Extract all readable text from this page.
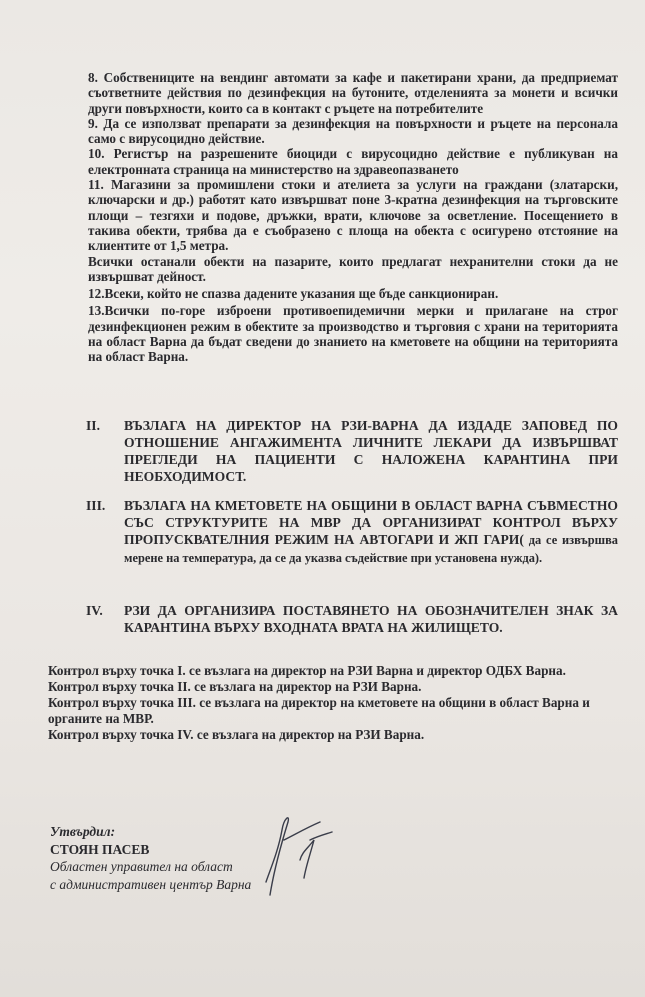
8. Собствениците на вендинг автомати за кафе и пакетирани храни, да предприемат съответните действия по дезинфекция на бутоните, отделенията за монети и всички други повърхности, които са в контакт с ръцете на потребителите

9. Да се използват препарати за дезинфекция на повърхности и ръцете на персонала само с вирусоцидно действие.

10. Регистър на разрешените биоциди с вирусоцидно действие е публикуван на електронната страница на министерство на здравеопазването

11. Магазини за промишлени стоки и ателиета за услуги на граждани (златарски, ключарски и др.) работят като извършват поне 3-кратна дезинфекция на търговските площи – тезгяхи и подове, дръжки, врати, ключове за осветление. Посещението в такива обекти, трябва да е съобразено с площа на обекта с осигурено отстояние на клиентите от 1,5 метра.

Всички останали обекти на пазарите, които предлагат нехранителни стоки да не извършват дейност.

12.Всеки, който не спазва дадените указания ще бъде санкциониран.

13.Всички по-горе изброени противоепидемични мерки и прилагане на строг дезинфекционен режим в обектите за производство и търговия с храни на територията на област Варна да бъдат сведени до знанието на кметовете на общини на територията на област Варна.

II.	ВЪЗЛАГА НА ДИРЕКТОР НА РЗИ-ВАРНА ДА ИЗДАДЕ ЗАПОВЕД ПО ОТНОШЕНИЕ АНГАЖИМЕНТА ЛИЧНИТЕ ЛЕКАРИ ДА ИЗВЪРШВАТ ПРЕГЛЕДИ НА ПАЦИЕНТИ С НАЛОЖЕНА КАРАНТИНА ПРИ НЕОБХОДИМОСТ.
III.	ВЪЗЛАГА НА КМЕТОВЕТЕ НА ОБЩИНИ В ОБЛАСТ ВАРНА СЪВМЕСТНО СЪС СТРУКТУРИТЕ НА МВР ДА ОРГАНИЗИРАТ КОНТРОЛ ВЪРХУ ПРОПУСКВАТЕЛНИЯ РЕЖИМ НА АВТОГАРИ И ЖП ГАРИ( да се извършва мерене на температура, да се да указва съдействие при установена нужда).
IV.	РЗИ ДА ОРГАНИЗИРА ПОСТАВЯНЕТО НА ОБОЗНАЧИТЕЛЕН ЗНАК ЗА КАРАНТИНА ВЪРХУ ВХОДНАТА ВРАТА НА ЖИЛИЩЕТО.

Контрол върху точка I. се възлага на директор на РЗИ Варна и директор ОДБХ Варна.

Контрол върху точка II. се възлага на директор на РЗИ Варна.

Контрол върху точка III. се възлага на директор на кметовете на общини в област Варна и органите на МВР.

Контрол върху точка IV. се възлага на директор на РЗИ Варна.

Утвърдил:
СТОЯН ПАСЕВ
Областен управител на област
с административен център Варна
